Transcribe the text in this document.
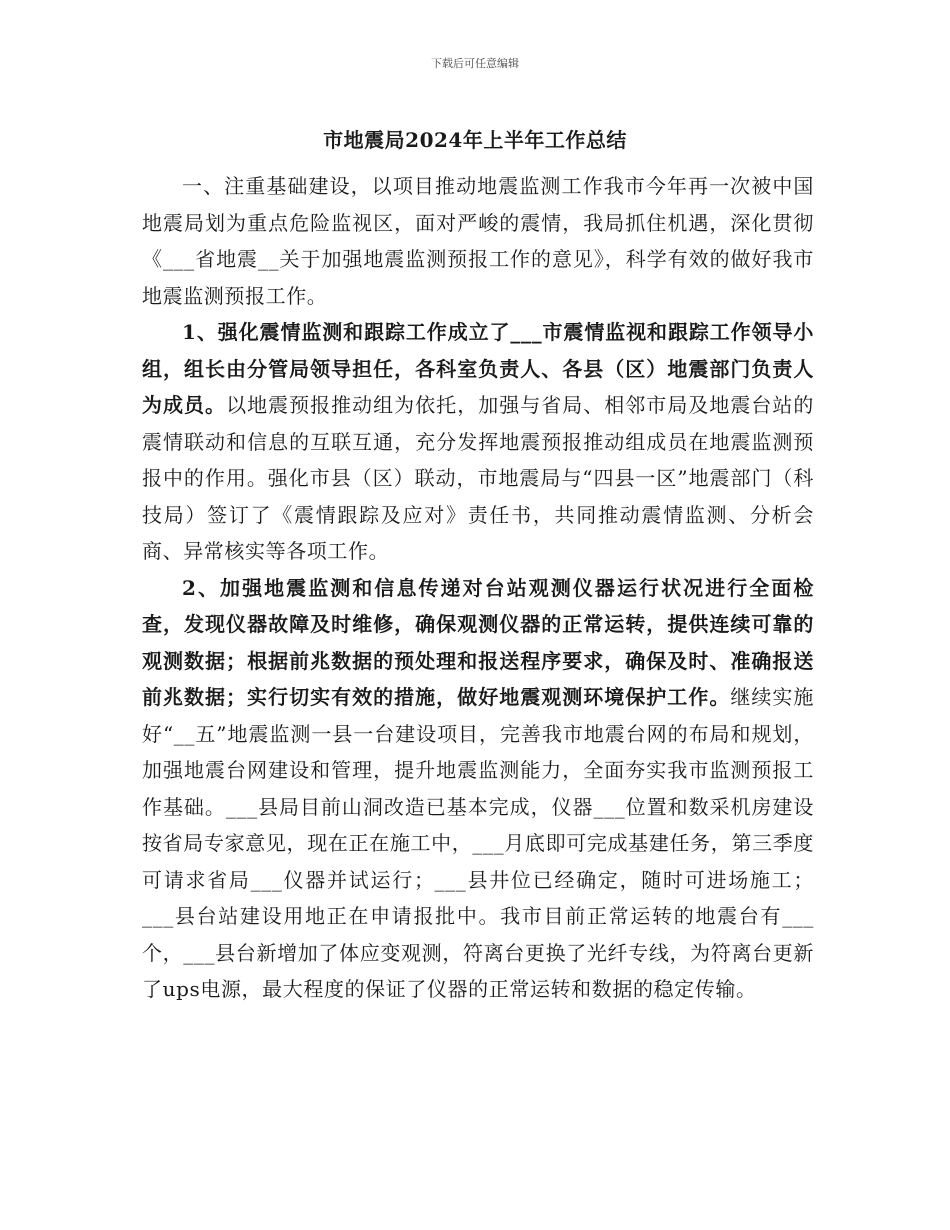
下载后可任意编辑
市地震局2024年上半年工作总结

一、注重基础建设，以项目推动地震监测工作我市今年再一次被中国地震局划为重点危险监视区，面对严峻的震情，我局抓住机遇，深化贯彻《___省地震__关于加强地震监测预报工作的意见》，科学有效的做好我市地震监测预报工作。

1、强化震情监测和跟踪工作成立了___市震情监视和跟踪工作领导小组，组长由分管局领导担任，各科室负责人、各县（区）地震部门负责人为成员。以地震预报推动组为依托，加强与省局、相邻市局及地震台站的震情联动和信息的互联互通，充分发挥地震预报推动组成员在地震监测预报中的作用。强化市县（区）联动，市地震局与“四县一区”地震部门（科技局）签订了《震情跟踪及应对》责任书，共同推动震情监测、分析会商、异常核实等各项工作。

2、加强地震监测和信息传递对台站观测仪器运行状况进行全面检查，发现仪器故障及时维修，确保观测仪器的正常运转，提供连续可靠的观测数据；根据前兆数据的预处理和报送程序要求，确保及时、准确报送前兆数据；实行切实有效的措施，做好地震观测环境保护工作。继续实施好“__五”地震监测一县一台建设项目，完善我市地震台网的布局和规划，加强地震台网建设和管理，提升地震监测能力，全面夯实我市监测预报工作基础。___县局目前山洞改造已基本完成，仪器___位置和数采机房建设按省局专家意见，现在正在施工中，___月底即可完成基建任务，第三季度可请求省局___仪器并试运行；___县井位已经确定，随时可进场施工；___县台站建设用地正在申请报批中。我市目前正常运转的地震台有___个，___县台新增加了体应变观测，符离台更换了光纤专线，为符离台更新了ups电源，最大程度的保证了仪器的正常运转和数据的稳定传输。
